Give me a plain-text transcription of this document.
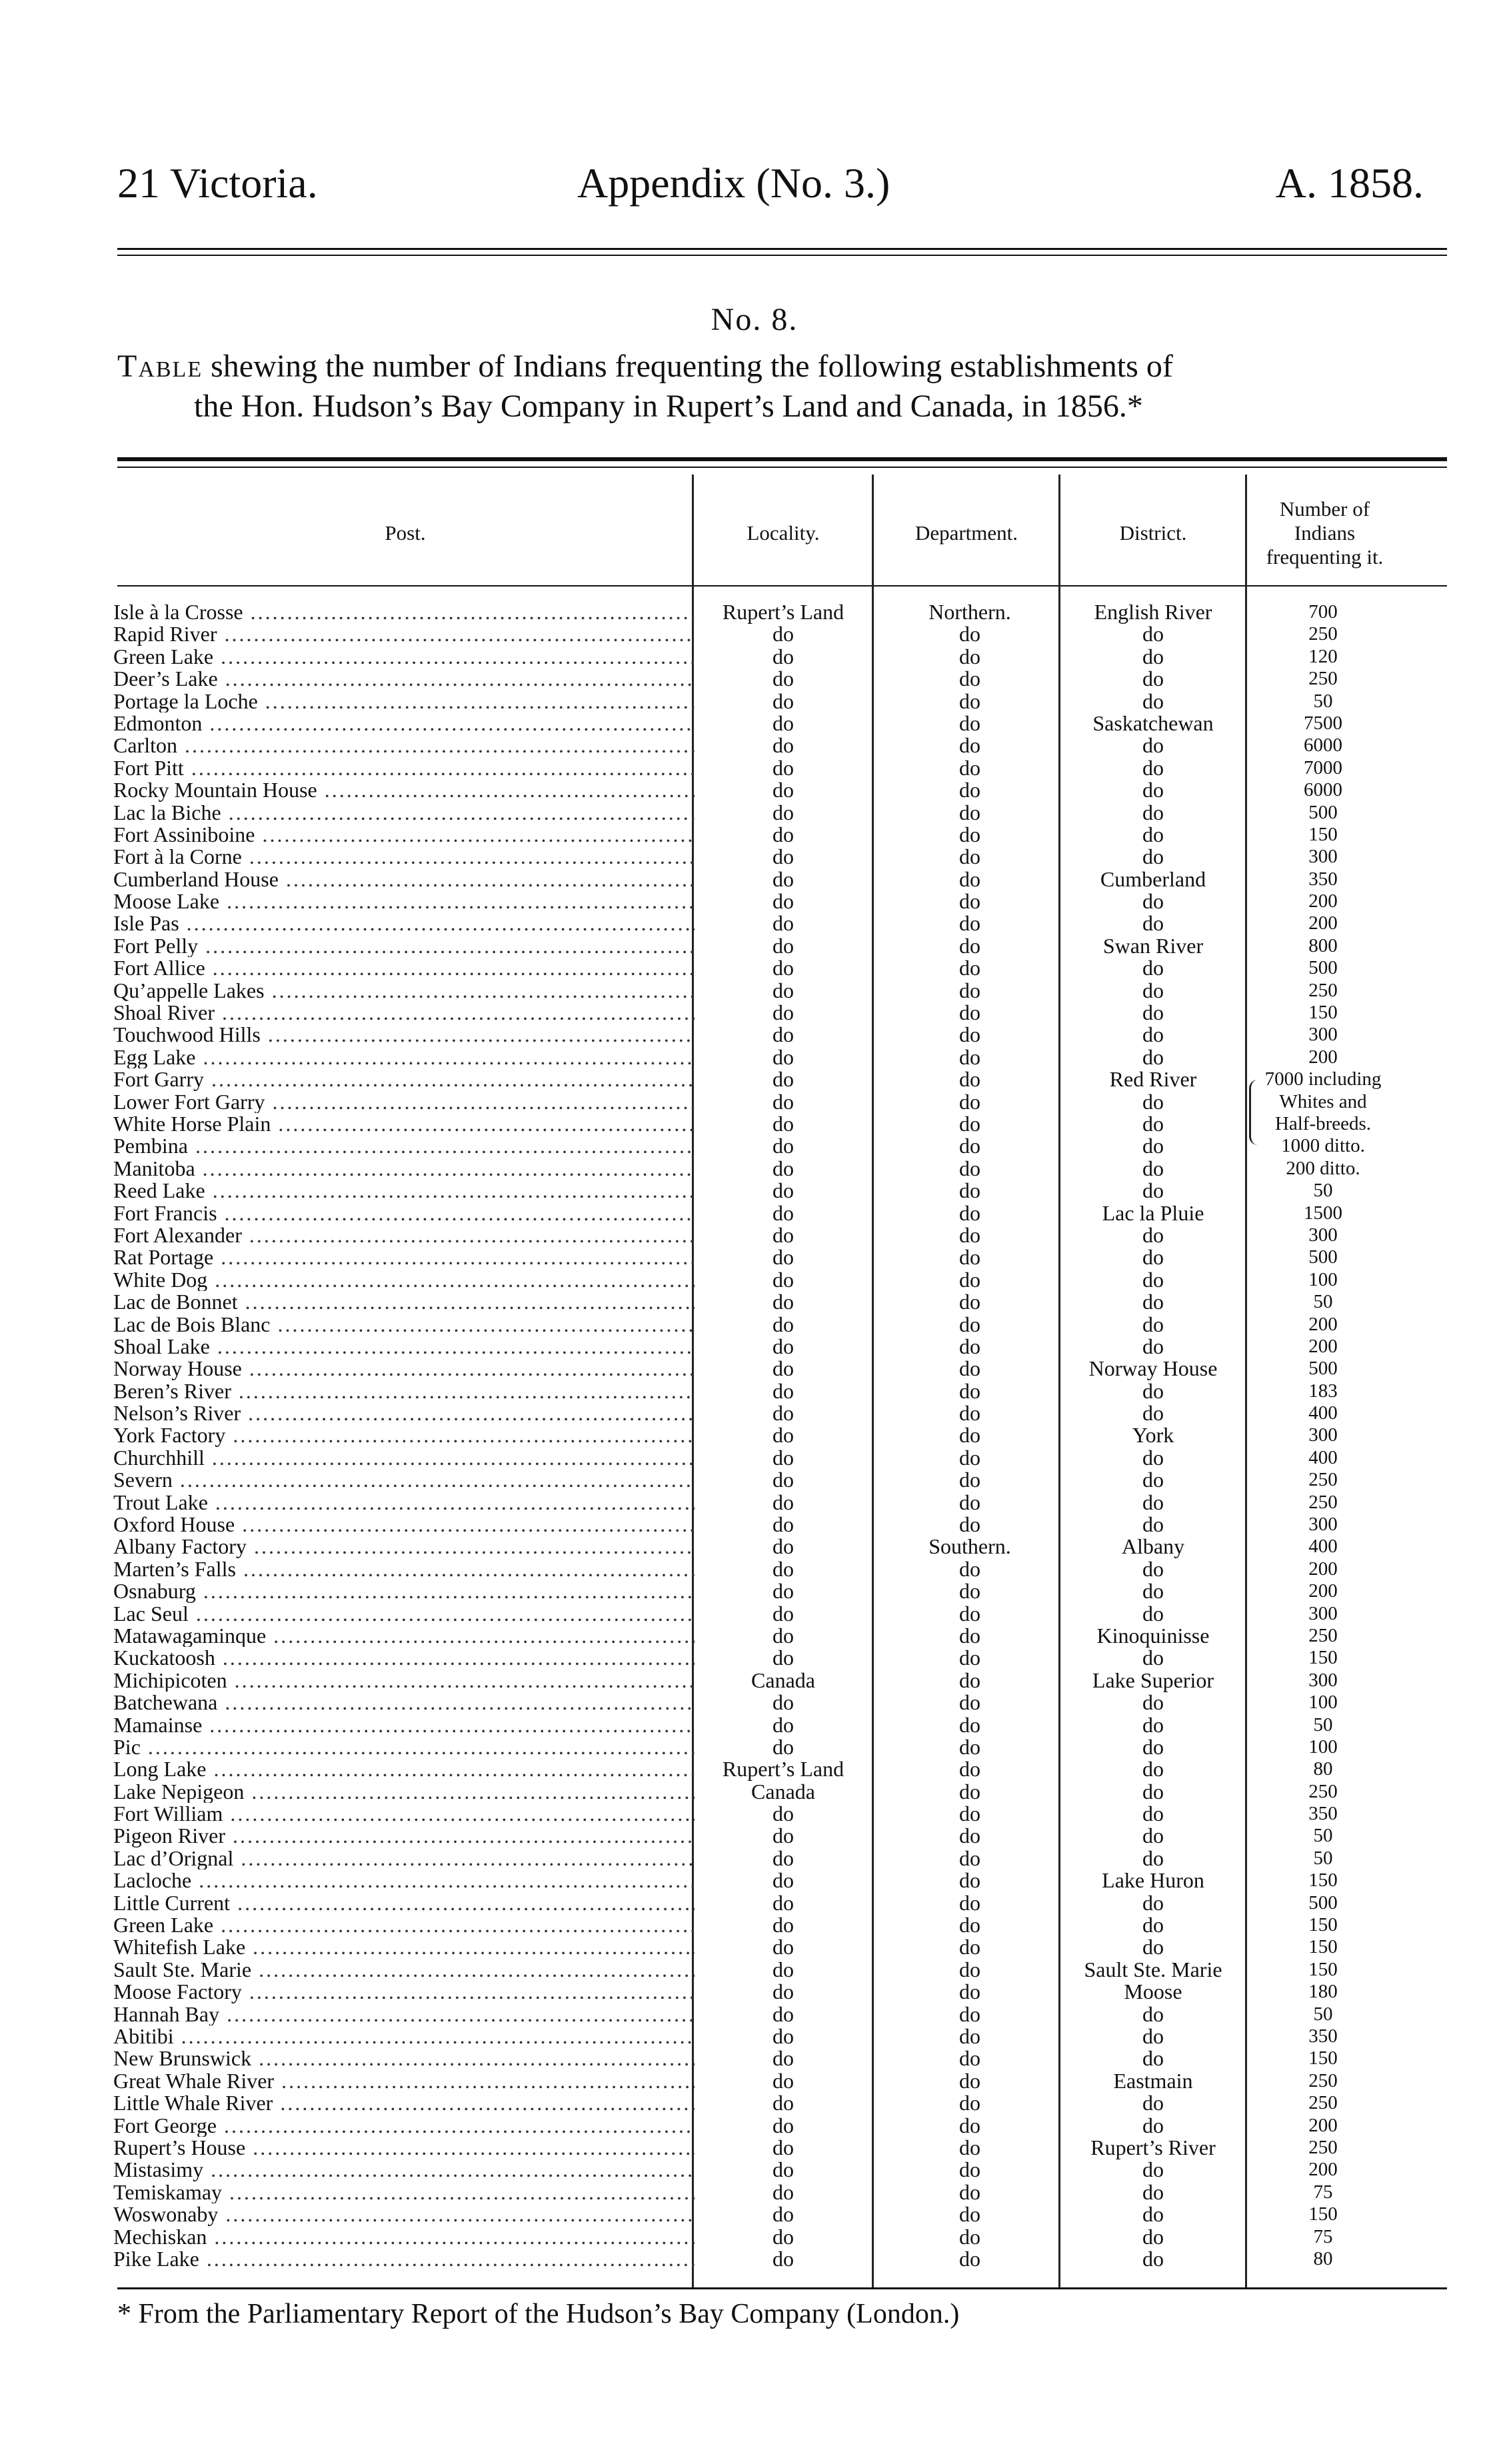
21 Victoria.	Appendix (No. 3.)	A. 1858.
No. 8.
Table shewing the number of Indians frequenting the following establishments of
the Hon. Hudson’s Bay Company in Rupert’s Land and Canada, in 1856.*
Post.	Locality.	Department.	District.
Number of Indians frequenting it.
Isle à la Crosse .....	Rupert’s Land	Northern.	English River	700
Rapid River .....	do	do	do	250
Green Lake .....	do	do	do	120
Deer’s Lake .....	do	do	do	250
Portage la Loche .....	do	do	do	50
Edmonton .....	do	do	Saskatchewan	7500
Carlton .....	do	do	do	6000
Fort Pitt .....	do	do	do	7000
Rocky Mountain House .....	do	do	do	6000
Lac la Biche .....	do	do	do	500
Fort Assiniboine .....	do	do	do	150
Fort à la Corne .....	do	do	do	300
Cumberland House .....	do	do	Cumberland	350
Moose Lake .....	do	do	do	200
Isle Pas .....	do	do	do	200
Fort Pelly .....	do	do	Swan River	800
Fort Allice .....	do	do	do	500
Qu’appelle Lakes .....	do	do	do	250
Shoal River .....	do	do	do	150
Touchwood Hills .....	do	do	do	300
Egg Lake .....	do	do	do	200
Fort Garry .....	do	do	Red River	7000 including
Lower Fort Garry .....	do	do	do	Whites and
White Horse Plain .....	do	do	do	Half-breeds.
Pembina .....	do	do	do	1000 ditto.
Manitoba .....	do	do	do	200 ditto.
Reed Lake .....	do	do	do	50
Fort Francis .....	do	do	Lac la Pluie	1500
Fort Alexander .....	do	do	do	300
Rat Portage .....	do	do	do	500
White Dog .....	do	do	do	100
Lac de Bonnet .....	do	do	do	50
Lac de Bois Blanc .....	do	do	do	200
Shoal Lake .....	do	do	do	200
Norway House .....	do	do	Norway House	500
Beren’s River .....	do	do	do	183
Nelson’s River .....	do	do	do	400
York Factory .....	do	do	York	300
Churchhill .....	do	do	do	400
Severn .....	do	do	do	250
Trout Lake .....	do	do	do	250
Oxford House .....	do	do	do	300
Albany Factory .....	do	Southern.	Albany	400
Marten’s Falls .....	do	do	do	200
Osnaburg .....	do	do	do	200
Lac Seul .....	do	do	do	300
Matawagaminque .....	do	do	Kinoquinisse	250
Kuckatoosh .....	do	do	do	150
Michipicoten .....	Canada	do	Lake Superior	300
Batchewana .....	do	do	do	100
Mamainse .....	do	do	do	50
Pic .....	do	do	do	100
Long Lake .....	Rupert’s Land	do	do	80
Lake Nepigeon .....	Canada	do	do	250
Fort William .....	do	do	do	350
Pigeon River .....	do	do	do	50
Lac d’Orignal .....	do	do	do	50
Lacloche .....	do	do	Lake Huron	150
Little Current .....	do	do	do	500
Green Lake .....	do	do	do	150
Whitefish Lake .....	do	do	do	150
Sault Ste. Marie .....	do	do	Sault Ste. Marie	150
Moose Factory .....	do	do	Moose	180
Hannah Bay .....	do	do	do	50
Abitibi .....	do	do	do	350
New Brunswick .....	do	do	do	150
Great Whale River .....	do	do	Eastmain	250
Little Whale River .....	do	do	do	250
Fort George .....	do	do	do	200
Rupert’s House .....	do	do	Rupert’s River	250
Mistasimy .....	do	do	do	200
Temiskamay .....	do	do	do	75
Woswonaby .....	do	do	do	150
Mechiskan .....	do	do	do	75
Pike Lake .....	do	do	do	80
* From the Parliamentary Report of the Hudson’s Bay Company (London.)
